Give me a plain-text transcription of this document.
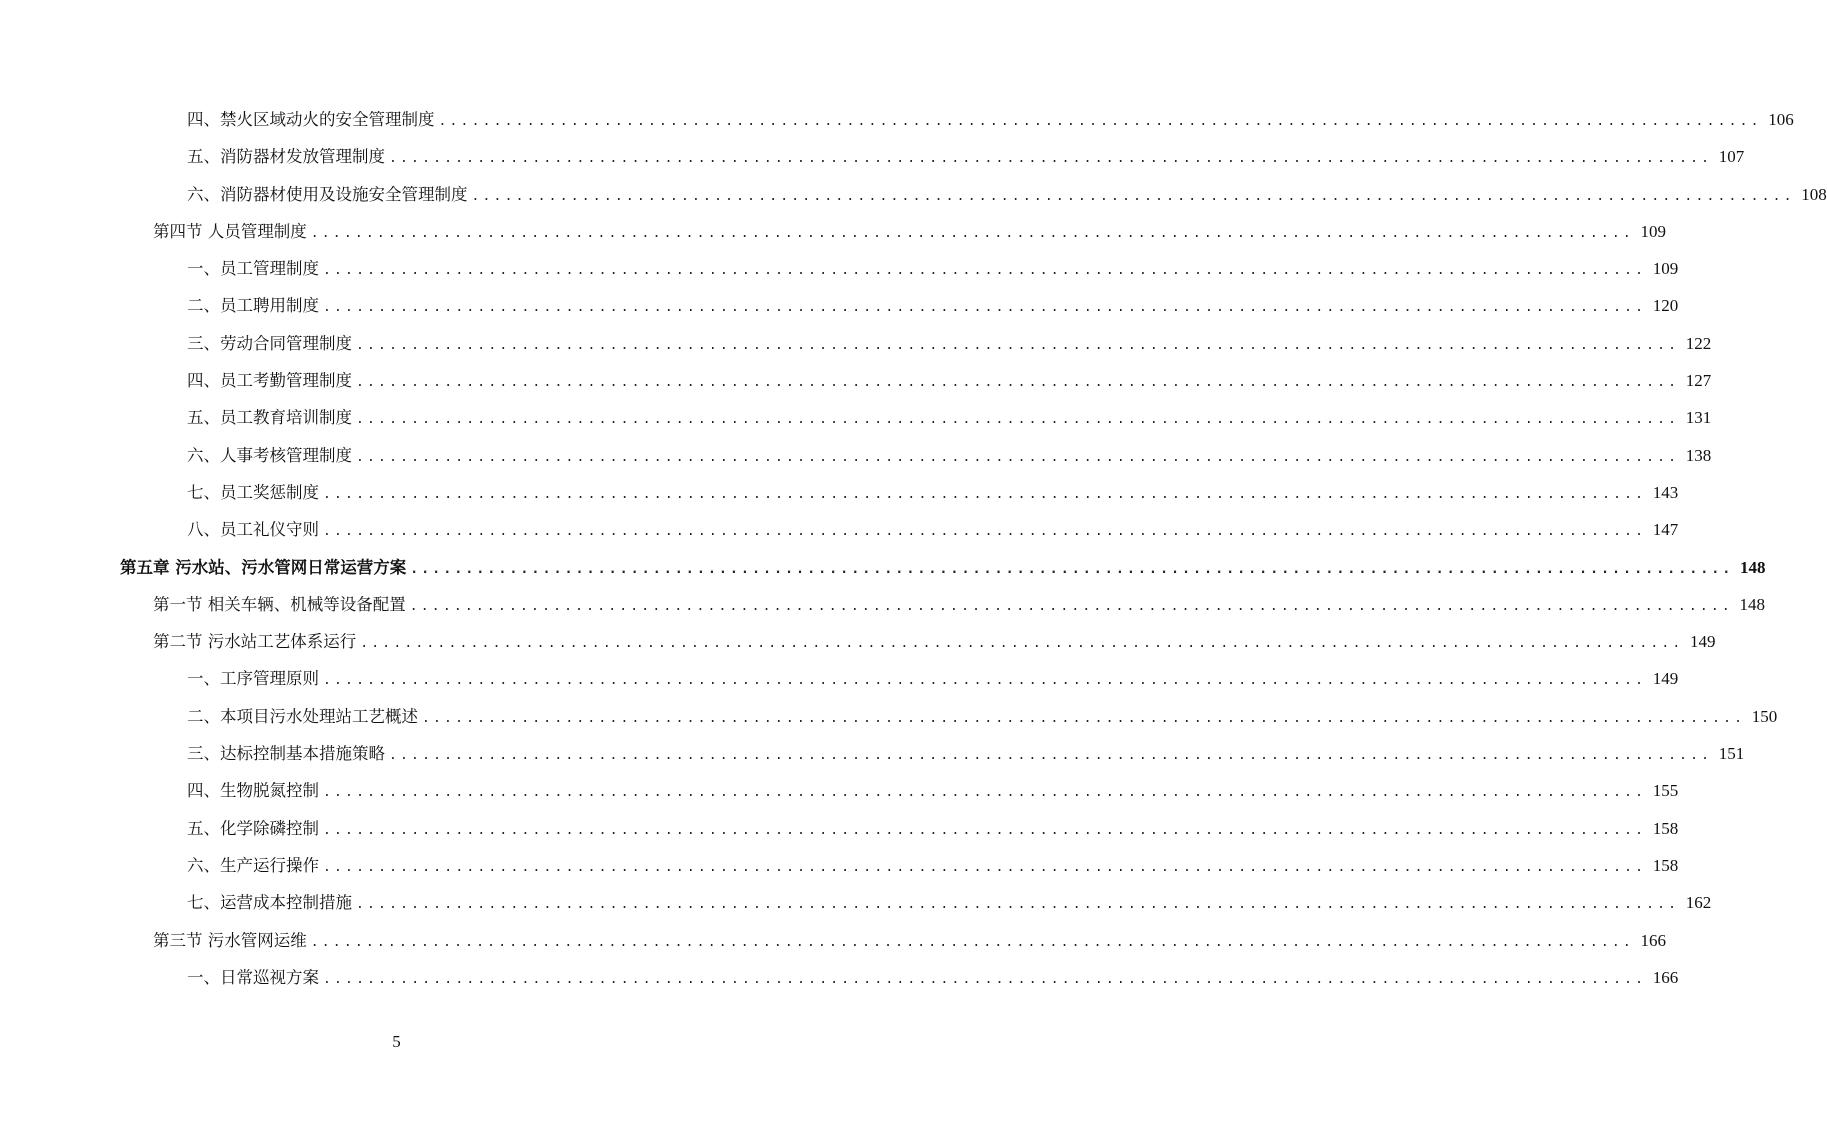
四、禁火区域动火的安全管理制度 ........................................................................................................................ 106
五、消防器材发放管理制度 ........................................................................................................................ 107
六、消防器材使用及设施安全管理制度 ........................................................................................................................ 108
第四节 人员管理制度 ........................................................................................................................ 109
一、员工管理制度 ........................................................................................................................ 109
二、员工聘用制度 ........................................................................................................................ 120
三、劳动合同管理制度 ........................................................................................................................ 122
四、员工考勤管理制度 ........................................................................................................................ 127
五、员工教育培训制度 ........................................................................................................................ 131
六、人事考核管理制度 ........................................................................................................................ 138
七、员工奖惩制度 ........................................................................................................................ 143
八、员工礼仪守则 ........................................................................................................................ 147
第五章 污水站、污水管网日常运营方案 ........................................................................................................................ 148
第一节 相关车辆、机械等设备配置 ........................................................................................................................ 148
第二节 污水站工艺体系运行 ........................................................................................................................ 149
一、工序管理原则 ........................................................................................................................ 149
二、本项目污水处理站工艺概述 ........................................................................................................................ 150
三、达标控制基本措施策略 ........................................................................................................................ 151
四、生物脱氮控制 ........................................................................................................................ 155
五、化学除磷控制 ........................................................................................................................ 158
六、生产运行操作 ........................................................................................................................ 158
七、运营成本控制措施 ........................................................................................................................ 162
第三节 污水管网运维 ........................................................................................................................ 166
一、日常巡视方案 ........................................................................................................................ 166
5
